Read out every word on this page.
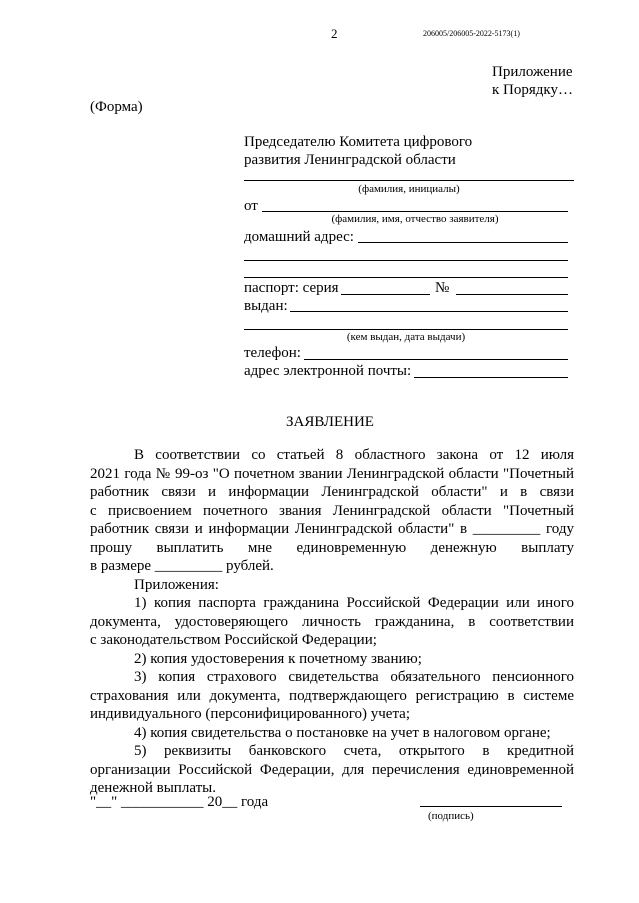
2	206005/206005-2022-5173(1)
Приложение
к Порядку…
(Форма)
Председателю Комитета цифрового
развития Ленинградской области
(фамилия, инициалы)
от
(фамилия, имя, отчество заявителя)
домашний адрес:
паспорт: серия	№
выдан:
(кем выдан, дата выдачи)
телефон:
адрес электронной почты:
ЗАЯВЛЕНИЕ
В соответствии со статьей 8 областного закона от 12 июля
2021 года № 99-оз "О почетном звании Ленинградской области "Почетный
работник связи и информации Ленинградской области" и в связи
с присвоением почетного звания Ленинградской области "Почетный
работник связи и информации Ленинградской области" в _________ году
прошу выплатить мне единовременную денежную выплату
в размере _________ рублей.
Приложения:
1) копия паспорта гражданина Российской Федерации или иного
документа, удостоверяющего личность гражданина, в соответствии
с законодательством Российской Федерации;
2) копия удостоверения к почетному званию;
3) копия страхового свидетельства обязательного пенсионного
страхования или документа, подтверждающего регистрацию в системе
индивидуального (персонифицированного) учета;
4) копия свидетельства о постановке на учет в налоговом органе;
5) реквизиты банковского счета, открытого в кредитной
организации Российской Федерации, для перечисления единовременной
денежной выплаты.
"__" ___________ 20__ года
(подпись)
